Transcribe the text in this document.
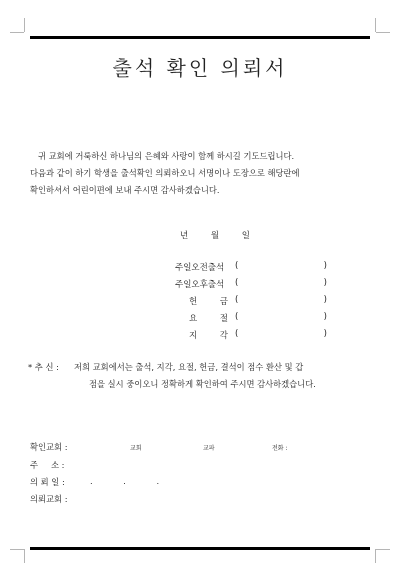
출석 확인 의뢰서
귀 교회에 거룩하신 하나님의 은혜와 사랑이 함께 하시길 기도드립니다.
다음과 같이 하기 학생을 출석확인 의뢰하오니 서명이나 도장으로 해당란에
확인하셔서 어린이편에 보내 주시면 감사하겠습니다.
년	월	일
주일오전출석	(	)
주일오후출석	(	)
헌	금 (	)
요	절 (	)
지	각 (	)
* 추 신 : 저희 교회에서는 출석, 지각, 요절, 헌금, 결석이 점수 환산 및 갑
점을 실시 중이오니 정확하게 확인하여 주시면 감사하겠습니다.
확인교회 :	교회	교파	전화 :
주 소 :
의 뢰 일 :	. . .
의뢰교회 :
